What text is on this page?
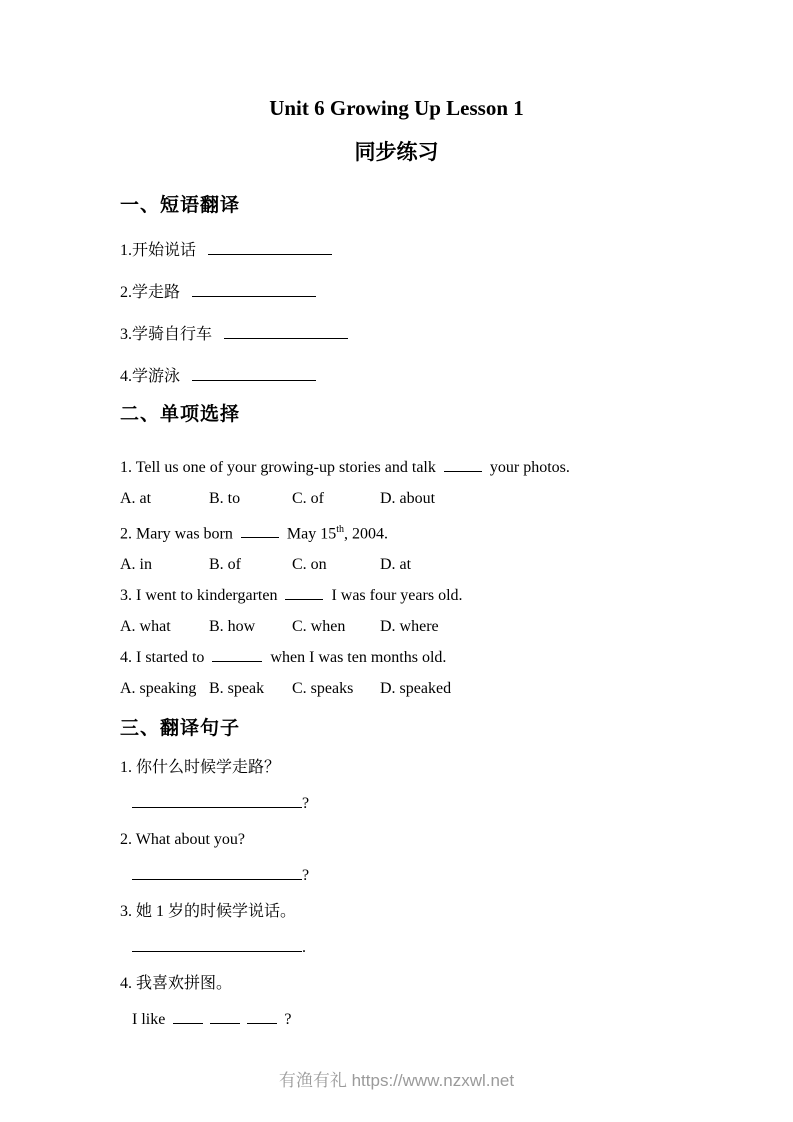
Unit 6 Growing Up Lesson 1
同步练习
一、短语翻译
1.开始说话
2.学走路
3.学骑自行车
4.学游泳
二、单项选择
1. Tell us one of your growing-up stories and talk	your photos.
A. at	B. to	C. of	D. about
2. Mary was born	May 15th, 2004.
A. in	B. of	C. on	D. at
3. I went to kindergarten	I was four years old.
A. what B. how C. when D. where
4. I started to	when I was ten months old.
A. speaking B. speak C. speaks D. speaked
三、翻译句子
1. 你什么时候学走路？
?
2. What about you?
?
3. 她 1 岁的时候学说话。
.
4. 我喜欢拼图。
I like	?
有渔有礼 https://www.nzxwl.net
